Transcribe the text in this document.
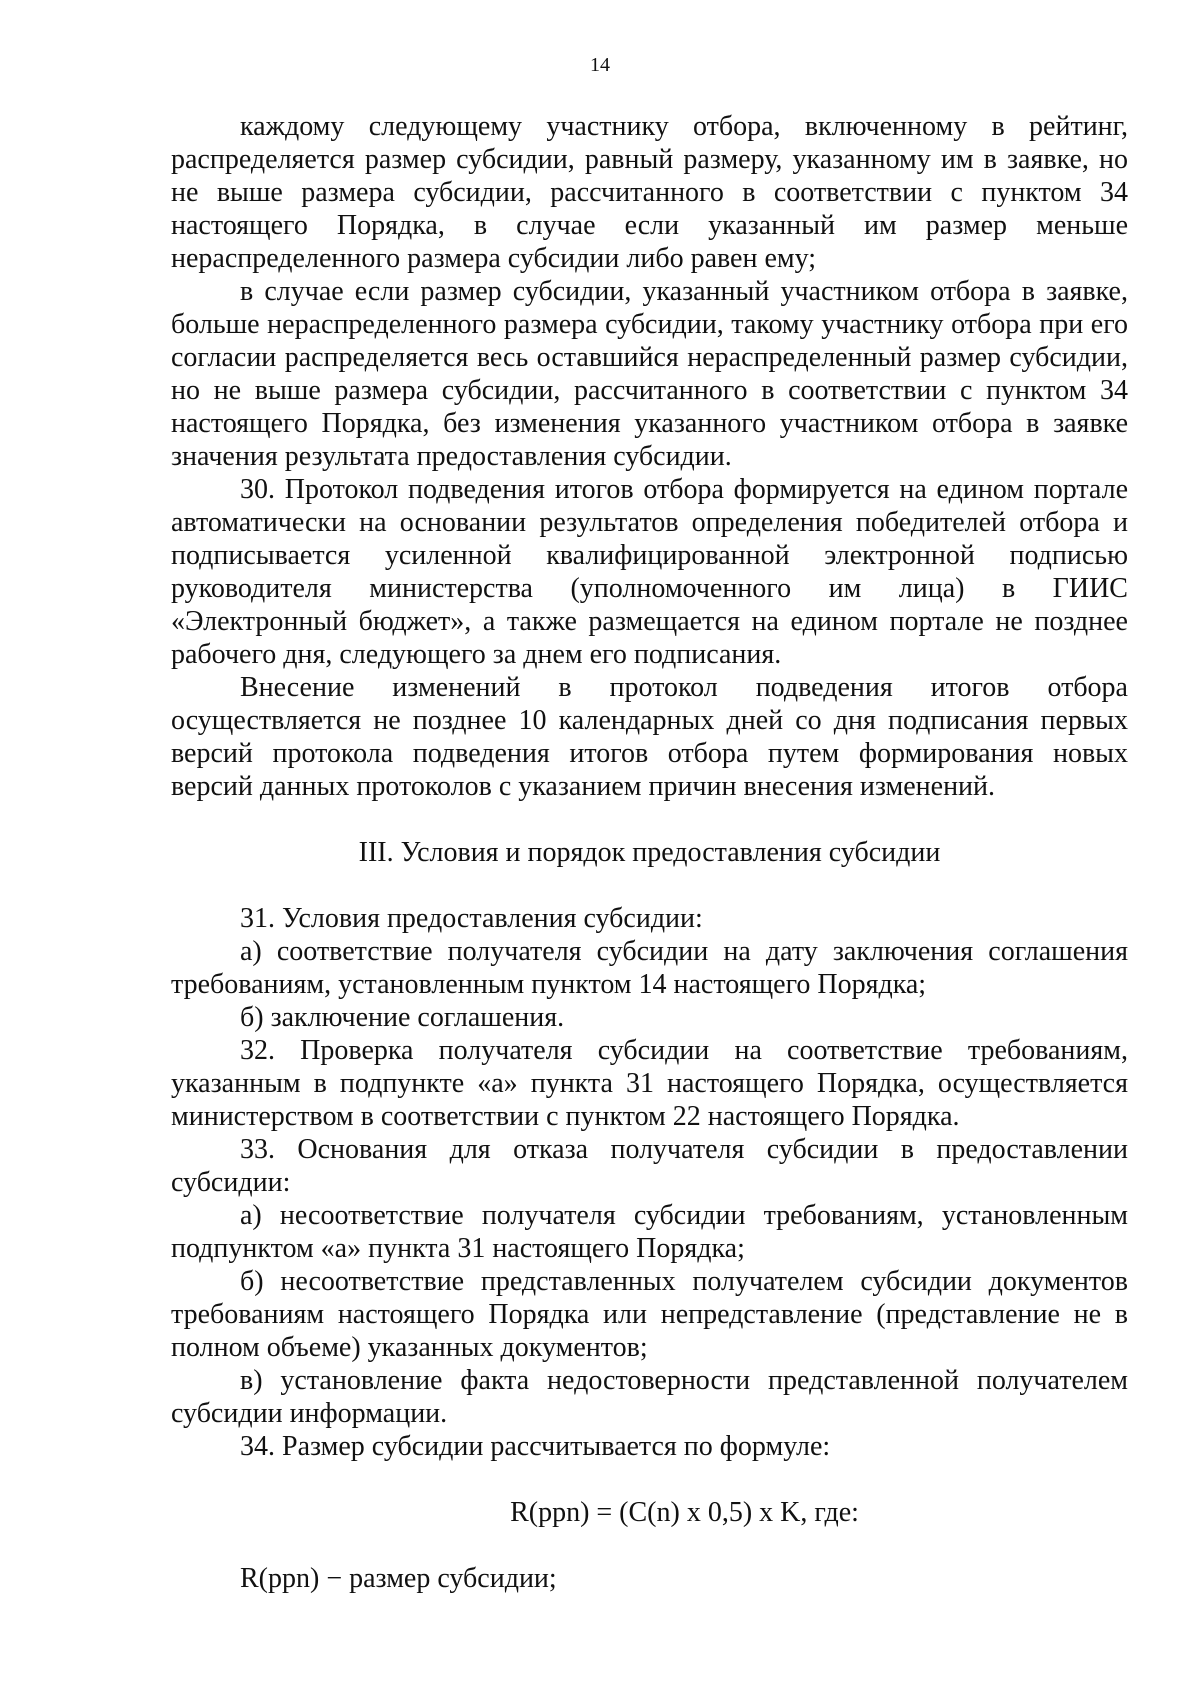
14

каждому следующему участнику отбора, включенному в рейтинг, распределяется размер субсидии, равный размеру, указанному им в заявке, но не выше размера субсидии, рассчитанного в соответствии с пунктом 34 настоящего Порядка, в случае если указанный им размер меньше нераспределенного размера субсидии либо равен ему;

в случае если размер субсидии, указанный участником отбора в заявке, больше нераспределенного размера субсидии, такому участнику отбора при его согласии распределяется весь оставшийся нераспределенный размер субсидии, но не выше размера субсидии, рассчитанного в соответствии с пунктом 34 настоящего Порядка, без изменения указанного участником отбора в заявке значения результата предоставления субсидии.

30. Протокол подведения итогов отбора формируется на едином портале автоматически на основании результатов определения победителей отбора и подписывается усиленной квалифицированной электронной подписью руководителя министерства (уполномоченного им лица) в ГИИС «Электронный бюджет», а также размещается на едином портале не позднее рабочего дня, следующего за днем его подписания.

Внесение изменений в протокол подведения итогов отбора осуществляется не позднее 10 календарных дней со дня подписания первых версий протокола подведения итогов отбора путем формирования новых версий данных протоколов с указанием причин внесения изменений.

III. Условия и порядок предоставления субсидии

31. Условия предоставления субсидии:

а) соответствие получателя субсидии на дату заключения соглашения требованиям, установленным пунктом 14 настоящего Порядка;

б) заключение соглашения.

32. Проверка получателя субсидии на соответствие требованиям, указанным в подпункте «а» пункта 31 настоящего Порядка, осуществляется министерством в соответствии с пунктом 22 настоящего Порядка.

33. Основания для отказа получателя субсидии в предоставлении субсидии:

а) несоответствие получателя субсидии требованиям, установленным подпунктом «а» пункта 31 настоящего Порядка;

б) несоответствие представленных получателем субсидии документов требованиям настоящего Порядка или непредставление (представление не в полном объеме) указанных документов;

в) установление факта недостоверности представленной получателем субсидии информации.

34. Размер субсидии рассчитывается по формуле:

R(ppn) = (C(n) x 0,5) x K, где:

R(ppn) − размер субсидии;
